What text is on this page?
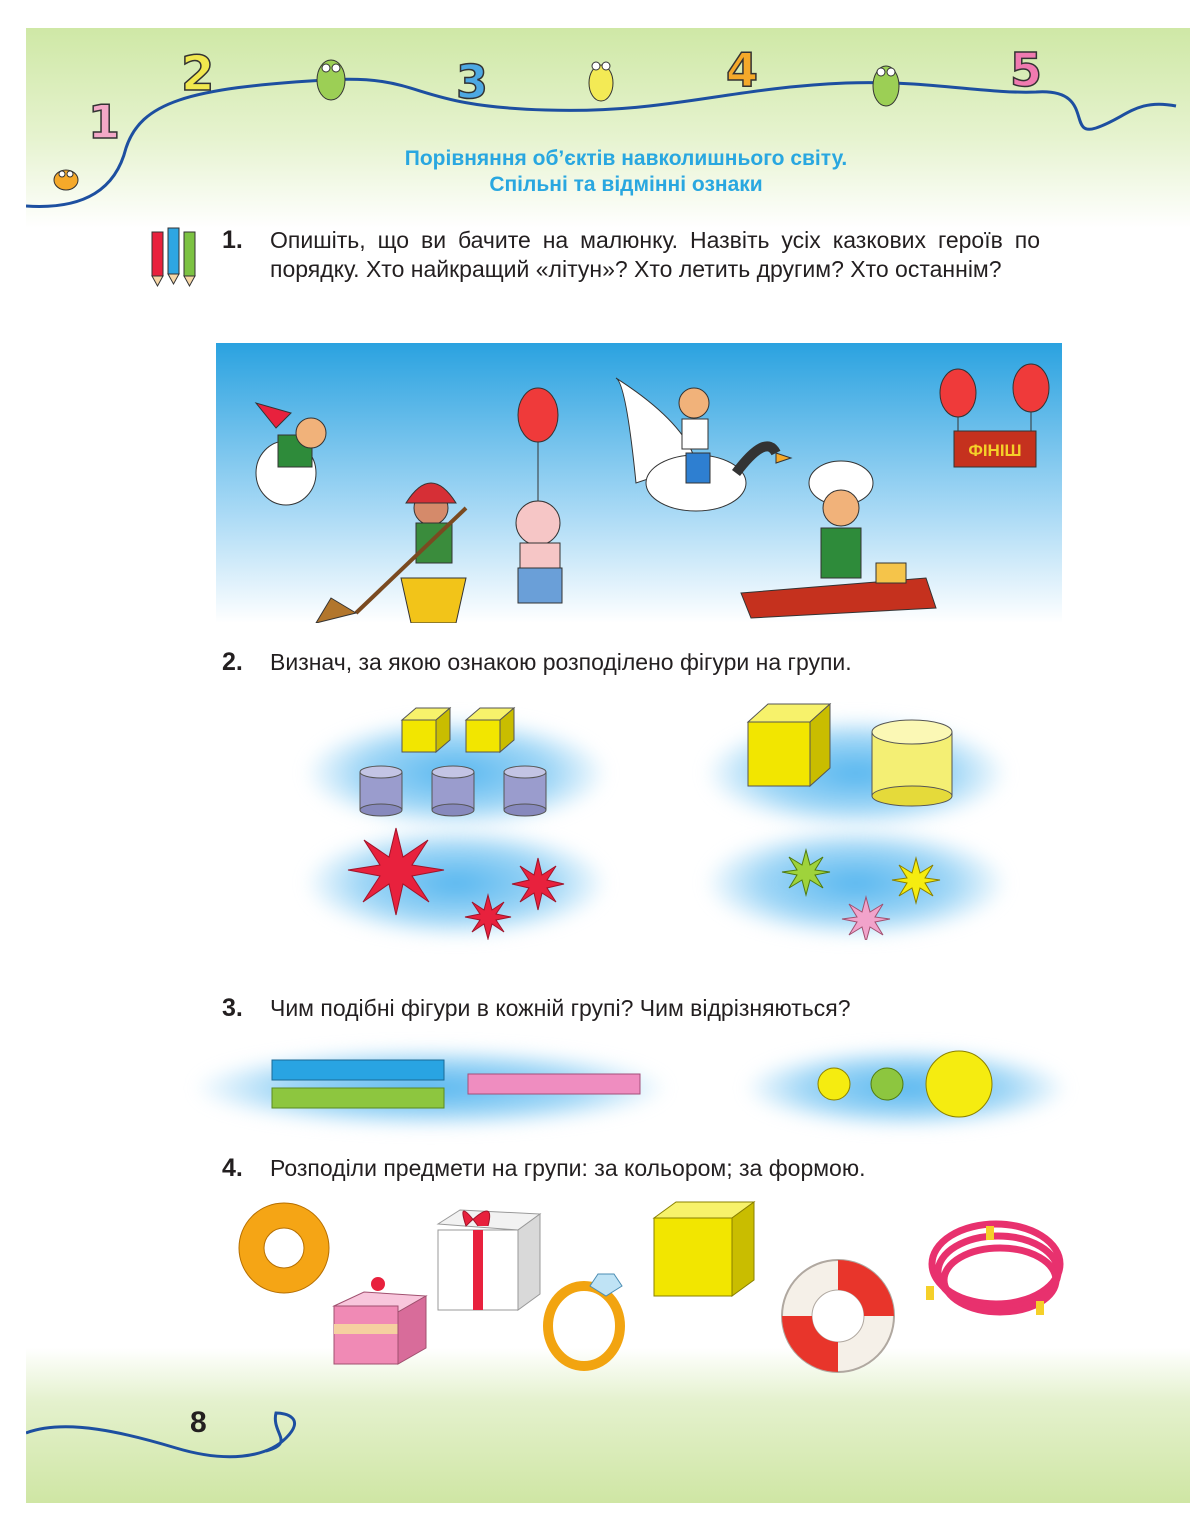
1
2	3	4	5
Порівняння об’єктів навколишнього світу.
Спільні та відмінні ознаки
1. Опишіть, що ви бачите на малюнку. Назвіть усіх казкових героїв по порядку. Хто найкращий «літун»? Хто летить другим? Хто останнім?
ФІНІШ
2. Визнач, за якою ознакою розподілено фігури на групи.
3. Чим подібні фігури в кожній групі? Чим відрізняються?
4. Розподіли предмети на групи: за кольором; за формою.
8
